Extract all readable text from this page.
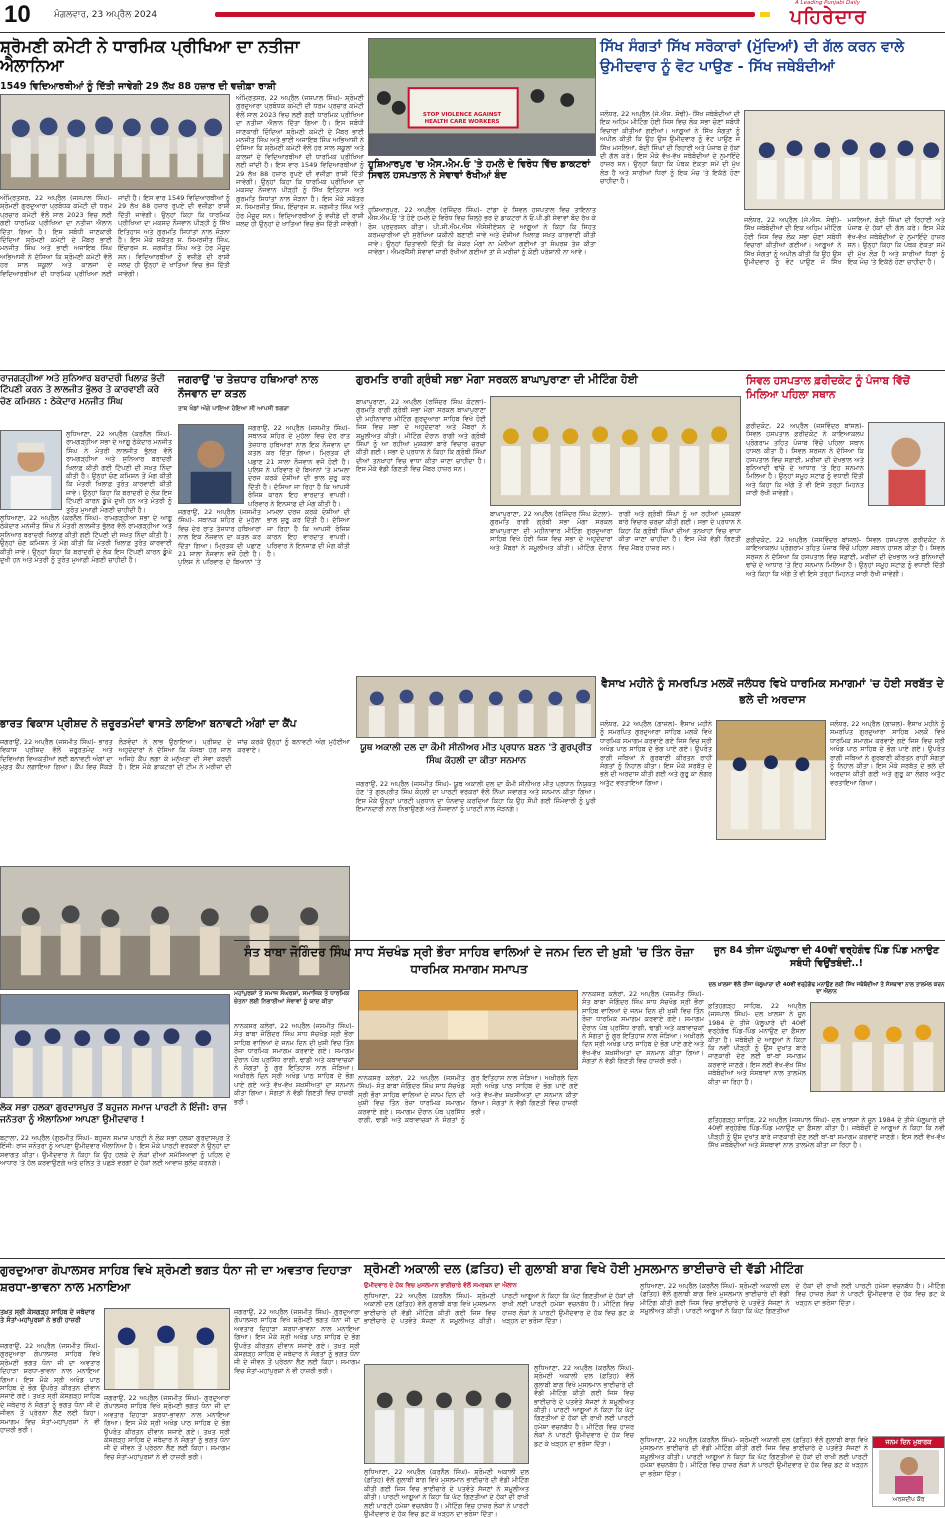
10	ਮੰਗਲਵਾਰ, 23 ਅਪ੍ਰੈਲ 2024
A Leading Punjabi Daily
ਪਹਿਰੇਦਾਰ
ਸ਼੍ਰੋਮਣੀ ਕਮੇਟੀ ਨੇ ਧਾਰਮਿਕ ਪ੍ਰੀਖਿਆ ਦਾ ਨਤੀਜਾ ਐਲਾਨਿਆ
1549 ਵਿਦਿਆਰਥੀਆਂ ਨੂੰ ਦਿੱਤੀ ਜਾਵੇਗੀ 29 ਲੱਖ 88 ਹਜ਼ਾਰ ਦੀ ਵਜ਼ੀਫ਼ਾ ਰਾਸ਼ੀ
ਅੰਮ੍ਰਿਤਸਰ, 22 ਅਪ੍ਰੈਲ (ਜਸਪਾਲ ਸਿੰਘ)- ਸ਼੍ਰੋਮਣੀ ਗੁਰਦੁਆਰਾ ਪ੍ਰਬੰਧਕ ਕਮੇਟੀ ਦੀ ਧਰਮ ਪ੍ਰਚਾਰ ਕਮੇਟੀ ਵੱਲੋਂ ਸਾਲ 2023 ਵਿਚ ਲਈ ਗਈ ਧਾਰਮਿਕ ਪ੍ਰੀਖਿਆ ਦਾ ਨਤੀਜਾ ਐਲਾਨ ਦਿੱਤਾ ਗਿਆ ਹੈ। ਇਸ ਸਬੰਧੀ ਜਾਣਕਾਰੀ ਦਿੰਦਿਆਂ ਸ਼੍ਰੋਮਣੀ ਕਮੇਟੀ ਦੇ ਮੈਂਬਰ ਭਾਈ ਮਨਜੀਤ ਸਿੰਘ ਅਤੇ ਭਾਈ ਅਜਾਇਬ ਸਿੰਘ ਅਭਿਆਸੀ ਨੇ ਦੱਸਿਆ ਕਿ ਸ਼੍ਰੋਮਣੀ ਕਮੇਟੀ ਵੱਲੋਂ ਹਰ ਸਾਲ ਸਕੂਲਾਂ ਅਤੇ ਕਾਲਜਾਂ ਦੇ ਵਿਦਿਆਰਥੀਆਂ ਦੀ ਧਾਰਮਿਕ ਪ੍ਰੀਖਿਆ ਲਈ ਜਾਂਦੀ ਹੈ। ਇਸ ਵਾਰ 1549 ਵਿਦਿਆਰਥੀਆਂ ਨੂੰ 29 ਲੱਖ 88 ਹਜ਼ਾਰ ਰੁਪਏ ਦੀ ਵਜ਼ੀਫ਼ਾ ਰਾਸ਼ੀ ਦਿੱਤੀ ਜਾਵੇਗੀ। ਉਨ੍ਹਾਂ ਕਿਹਾ ਕਿ ਧਾਰਮਿਕ ਪ੍ਰੀਖਿਆ ਦਾ ਮਕਸਦ ਨੌਜਵਾਨ ਪੀੜ੍ਹੀ ਨੂੰ ਸਿੱਖ ਇਤਿਹਾਸ ਅਤੇ ਗੁਰਮਤਿ ਸਿਧਾਂਤਾਂ ਨਾਲ ਜੋੜਨਾ ਹੈ। ਇਸ ਮੌਕੇ ਸਕੱਤਰ ਸ. ਸਿਮਰਜੀਤ ਸਿੰਘ, ਇੰਚਾਰਜ ਸ. ਜਗਜੀਤ ਸਿੰਘ ਅਤੇ ਹੋਰ ਮੌਜੂਦ ਸਨ। ਵਿਦਿਆਰਥੀਆਂ ਨੂੰ ਵਜ਼ੀਫ਼ੇ ਦੀ ਰਾਸ਼ੀ ਜਲਦ ਹੀ ਉਨ੍ਹਾਂ ਦੇ ਖਾਤਿਆਂ ਵਿਚ ਭੇਜ ਦਿੱਤੀ ਜਾਵੇਗੀ।
ਅੰਮ੍ਰਿਤਸਰ, 22 ਅਪ੍ਰੈਲ (ਜਸਪਾਲ ਸਿੰਘ)- ਸ਼੍ਰੋਮਣੀ ਗੁਰਦੁਆਰਾ ਪ੍ਰਬੰਧਕ ਕਮੇਟੀ ਦੀ ਧਰਮ ਪ੍ਰਚਾਰ ਕਮੇਟੀ ਵੱਲੋਂ ਸਾਲ 2023 ਵਿਚ ਲਈ ਗਈ ਧਾਰਮਿਕ ਪ੍ਰੀਖਿਆ ਦਾ ਨਤੀਜਾ ਐਲਾਨ ਦਿੱਤਾ ਗਿਆ ਹੈ। ਇਸ ਸਬੰਧੀ ਜਾਣਕਾਰੀ ਦਿੰਦਿਆਂ ਸ਼੍ਰੋਮਣੀ ਕਮੇਟੀ ਦੇ ਮੈਂਬਰ ਭਾਈ ਮਨਜੀਤ ਸਿੰਘ ਅਤੇ ਭਾਈ ਅਜਾਇਬ ਸਿੰਘ ਅਭਿਆਸੀ ਨੇ ਦੱਸਿਆ ਕਿ ਸ਼੍ਰੋਮਣੀ ਕਮੇਟੀ ਵੱਲੋਂ ਹਰ ਸਾਲ ਸਕੂਲਾਂ ਅਤੇ ਕਾਲਜਾਂ ਦੇ ਵਿਦਿਆਰਥੀਆਂ ਦੀ ਧਾਰਮਿਕ ਪ੍ਰੀਖਿਆ ਲਈ ਜਾਂਦੀ ਹੈ। ਇਸ ਵਾਰ 1549 ਵਿਦਿਆਰਥੀਆਂ ਨੂੰ 29 ਲੱਖ 88 ਹਜ਼ਾਰ ਰੁਪਏ ਦੀ ਵਜ਼ੀਫ਼ਾ ਰਾਸ਼ੀ ਦਿੱਤੀ ਜਾਵੇਗੀ। ਉਨ੍ਹਾਂ ਕਿਹਾ ਕਿ ਧਾਰਮਿਕ ਪ੍ਰੀਖਿਆ ਦਾ ਮਕਸਦ ਨੌਜਵਾਨ ਪੀੜ੍ਹੀ ਨੂੰ ਸਿੱਖ ਇਤਿਹਾਸ ਅਤੇ ਗੁਰਮਤਿ ਸਿਧਾਂਤਾਂ ਨਾਲ ਜੋੜਨਾ ਹੈ। ਇਸ ਮੌਕੇ ਸਕੱਤਰ ਸ. ਸਿਮਰਜੀਤ ਸਿੰਘ, ਇੰਚਾਰਜ ਸ. ਜਗਜੀਤ ਸਿੰਘ ਅਤੇ ਹੋਰ ਮੌਜੂਦ ਸਨ। ਵਿਦਿਆਰਥੀਆਂ ਨੂੰ ਵਜ਼ੀਫ਼ੇ ਦੀ ਰਾਸ਼ੀ ਜਲਦ ਹੀ ਉਨ੍ਹਾਂ ਦੇ ਖਾਤਿਆਂ ਵਿਚ ਭੇਜ ਦਿੱਤੀ ਜਾਵੇਗੀ।
STOP VIOLENCE AGAINST HEALTH CARE WORKERS
ਹੁਸ਼ਿਆਰਪੁਰ 'ਚ ਐਸ.ਐਮ.ਓ 'ਤੇ ਹਮਲੇ ਦੇ ਵਿਰੋਧ ਵਿੱਚ ਡਾਕਟਰਾਂ ਸਿਵਲ ਹਸਪਤਾਲ ਨੇ ਸੇਵਾਵਾਂ ਰੱਖੀਆਂ ਬੰਦ
ਹੁਸ਼ਿਆਰਪੁਰ, 22 ਅਪ੍ਰੈਲ (ਰਜਿੰਦਰ ਸਿੰਘ)- ਟਾਂਡਾ ਦੇ ਸਿਵਲ ਹਸਪਤਾਲ ਵਿਚ ਤਾਇਨਾਤ ਐਸ.ਐਮ.ਓ 'ਤੇ ਹੋਏ ਹਮਲੇ ਦੇ ਵਿਰੋਧ ਵਿਚ ਜ਼ਿਲ੍ਹੇ ਭਰ ਦੇ ਡਾਕਟਰਾਂ ਨੇ ਓ.ਪੀ.ਡੀ ਸੇਵਾਵਾਂ ਬੰਦ ਰੱਖ ਕੇ ਰੋਸ ਪ੍ਰਦਰਸ਼ਨ ਕੀਤਾ। ਪੀ.ਸੀ.ਐਮ.ਐਸ ਐਸੋਸੀਏਸ਼ਨ ਦੇ ਆਗੂਆਂ ਨੇ ਕਿਹਾ ਕਿ ਸਿਹਤ ਕਰਮਚਾਰੀਆਂ ਦੀ ਸੁਰੱਖਿਆ ਯਕੀਨੀ ਬਣਾਈ ਜਾਵੇ ਅਤੇ ਦੋਸ਼ੀਆਂ ਖਿਲਾਫ਼ ਸਖ਼ਤ ਕਾਰਵਾਈ ਕੀਤੀ ਜਾਵੇ। ਉਨ੍ਹਾਂ ਚਿਤਾਵਨੀ ਦਿੱਤੀ ਕਿ ਜੇਕਰ ਮੰਗਾਂ ਨਾ ਮੰਨੀਆਂ ਗਈਆਂ ਤਾਂ ਸੰਘਰਸ਼ ਤੇਜ਼ ਕੀਤਾ ਜਾਵੇਗਾ। ਐਮਰਜੈਂਸੀ ਸੇਵਾਵਾਂ ਜਾਰੀ ਰੱਖੀਆਂ ਗਈਆਂ ਤਾਂ ਜੋ ਮਰੀਜ਼ਾਂ ਨੂੰ ਕੋਈ ਪਰੇਸ਼ਾਨੀ ਨਾ ਆਵੇ।
ਸਿੱਖ ਸੰਗਤਾਂ ਸਿੱਖ ਸਰੋਕਾਰਾਂ (ਮੁੱਦਿਆਂ) ਦੀ ਗੱਲ ਕਰਨ ਵਾਲੇ ਉਮੀਦਵਾਰ ਨੂੰ ਵੋਟ ਪਾਉਣ - ਸਿੱਖ ਜਥੇਬੰਦੀਆਂ
ਜਲੰਧਰ, 22 ਅਪ੍ਰੈਲ (ਜੇ.ਐਸ. ਸੋਢੀ)- ਸਿੱਖ ਜਥੇਬੰਦੀਆਂ ਦੀ ਇਕ ਅਹਿਮ ਮੀਟਿੰਗ ਹੋਈ ਜਿਸ ਵਿਚ ਲੋਕ ਸਭਾ ਚੋਣਾਂ ਸਬੰਧੀ ਵਿਚਾਰਾਂ ਕੀਤੀਆਂ ਗਈਆਂ। ਆਗੂਆਂ ਨੇ ਸਿੱਖ ਸੰਗਤਾਂ ਨੂੰ ਅਪੀਲ ਕੀਤੀ ਕਿ ਉਹ ਉਸ ਉਮੀਦਵਾਰ ਨੂੰ ਵੋਟ ਪਾਉਣ ਜੋ ਸਿੱਖ ਮਸਲਿਆਂ, ਬੰਦੀ ਸਿੰਘਾਂ ਦੀ ਰਿਹਾਈ ਅਤੇ ਪੰਜਾਬ ਦੇ ਹੱਕਾਂ ਦੀ ਗੱਲ ਕਰੇ। ਇਸ ਮੌਕੇ ਵੱਖ-ਵੱਖ ਜਥੇਬੰਦੀਆਂ ਦੇ ਨੁਮਾਇੰਦੇ ਹਾਜ਼ਰ ਸਨ। ਉਨ੍ਹਾਂ ਕਿਹਾ ਕਿ ਪੰਥਕ ਏਕਤਾ ਸਮੇਂ ਦੀ ਮੁੱਖ ਲੋੜ ਹੈ ਅਤੇ ਸਾਰੀਆਂ ਧਿਰਾਂ ਨੂੰ ਇਕ ਮੰਚ 'ਤੇ ਇਕੱਠੇ ਹੋਣਾ ਚਾਹੀਦਾ ਹੈ।
ਜਲੰਧਰ, 22 ਅਪ੍ਰੈਲ (ਜੇ.ਐਸ. ਸੋਢੀ)- ਸਿੱਖ ਜਥੇਬੰਦੀਆਂ ਦੀ ਇਕ ਅਹਿਮ ਮੀਟਿੰਗ ਹੋਈ ਜਿਸ ਵਿਚ ਲੋਕ ਸਭਾ ਚੋਣਾਂ ਸਬੰਧੀ ਵਿਚਾਰਾਂ ਕੀਤੀਆਂ ਗਈਆਂ। ਆਗੂਆਂ ਨੇ ਸਿੱਖ ਸੰਗਤਾਂ ਨੂੰ ਅਪੀਲ ਕੀਤੀ ਕਿ ਉਹ ਉਸ ਉਮੀਦਵਾਰ ਨੂੰ ਵੋਟ ਪਾਉਣ ਜੋ ਸਿੱਖ ਮਸਲਿਆਂ, ਬੰਦੀ ਸਿੰਘਾਂ ਦੀ ਰਿਹਾਈ ਅਤੇ ਪੰਜਾਬ ਦੇ ਹੱਕਾਂ ਦੀ ਗੱਲ ਕਰੇ। ਇਸ ਮੌਕੇ ਵੱਖ-ਵੱਖ ਜਥੇਬੰਦੀਆਂ ਦੇ ਨੁਮਾਇੰਦੇ ਹਾਜ਼ਰ ਸਨ। ਉਨ੍ਹਾਂ ਕਿਹਾ ਕਿ ਪੰਥਕ ਏਕਤਾ ਸਮੇਂ ਦੀ ਮੁੱਖ ਲੋੜ ਹੈ ਅਤੇ ਸਾਰੀਆਂ ਧਿਰਾਂ ਨੂੰ ਇਕ ਮੰਚ 'ਤੇ ਇਕੱਠੇ ਹੋਣਾ ਚਾਹੀਦਾ ਹੈ।
ਰਾਜਗੜ੍ਹੀਆ ਅਤੇ ਸੁਨਿਆਰ ਬਰਾਦਰੀ ਖਿਲਾਫ਼ ਭੱਦੀ ਟਿੱਪਣੀ ਕਰਨ ਤੇ ਲਾਲਜੀਤ ਭੁੱਲਰ ਤੇ ਕਾਰਵਾਈ ਕਰੇ ਚੋਣ ਕਮਿਸ਼ਨ : ਠੇਕੇਦਾਰ ਮਨਜੀਤ ਸਿੰਘ
ਲੁਧਿਆਣਾ, 22 ਅਪ੍ਰੈਲ (ਕਰਨੈਲ ਸਿੰਘ)- ਰਾਮਗੜ੍ਹੀਆ ਸਭਾ ਦੇ ਆਗੂ ਠੇਕੇਦਾਰ ਮਨਜੀਤ ਸਿੰਘ ਨੇ ਮੰਤਰੀ ਲਾਲਜੀਤ ਭੁੱਲਰ ਵੱਲੋਂ ਰਾਮਗੜ੍ਹੀਆ ਅਤੇ ਸੁਨਿਆਰ ਬਰਾਦਰੀ ਖਿਲਾਫ਼ ਕੀਤੀ ਗਈ ਟਿੱਪਣੀ ਦੀ ਸਖ਼ਤ ਨਿੰਦਾ ਕੀਤੀ ਹੈ। ਉਨ੍ਹਾਂ ਚੋਣ ਕਮਿਸ਼ਨ ਤੋਂ ਮੰਗ ਕੀਤੀ ਕਿ ਮੰਤਰੀ ਖਿਲਾਫ਼ ਤੁਰੰਤ ਕਾਰਵਾਈ ਕੀਤੀ ਜਾਵੇ। ਉਨ੍ਹਾਂ ਕਿਹਾ ਕਿ ਬਰਾਦਰੀ ਦੇ ਲੋਕ ਇਸ ਟਿੱਪਣੀ ਕਾਰਨ ਡੂੰਘੇ ਦੁਖੀ ਹਨ ਅਤੇ ਮੰਤਰੀ ਨੂੰ ਤੁਰੰਤ ਮੁਆਫ਼ੀ ਮੰਗਣੀ ਚਾਹੀਦੀ ਹੈ।
ਲੁਧਿਆਣਾ, 22 ਅਪ੍ਰੈਲ (ਕਰਨੈਲ ਸਿੰਘ)- ਰਾਮਗੜ੍ਹੀਆ ਸਭਾ ਦੇ ਆਗੂ ਠੇਕੇਦਾਰ ਮਨਜੀਤ ਸਿੰਘ ਨੇ ਮੰਤਰੀ ਲਾਲਜੀਤ ਭੁੱਲਰ ਵੱਲੋਂ ਰਾਮਗੜ੍ਹੀਆ ਅਤੇ ਸੁਨਿਆਰ ਬਰਾਦਰੀ ਖਿਲਾਫ਼ ਕੀਤੀ ਗਈ ਟਿੱਪਣੀ ਦੀ ਸਖ਼ਤ ਨਿੰਦਾ ਕੀਤੀ ਹੈ। ਉਨ੍ਹਾਂ ਚੋਣ ਕਮਿਸ਼ਨ ਤੋਂ ਮੰਗ ਕੀਤੀ ਕਿ ਮੰਤਰੀ ਖਿਲਾਫ਼ ਤੁਰੰਤ ਕਾਰਵਾਈ ਕੀਤੀ ਜਾਵੇ। ਉਨ੍ਹਾਂ ਕਿਹਾ ਕਿ ਬਰਾਦਰੀ ਦੇ ਲੋਕ ਇਸ ਟਿੱਪਣੀ ਕਾਰਨ ਡੂੰਘੇ ਦੁਖੀ ਹਨ ਅਤੇ ਮੰਤਰੀ ਨੂੰ ਤੁਰੰਤ ਮੁਆਫ਼ੀ ਮੰਗਣੀ ਚਾਹੀਦੀ ਹੈ।
ਜਗਰਾਉਂ 'ਚ ਤੇਜ਼ਧਾਰ ਹਥਿਆਰਾਂ ਨਾਲ ਨੌਜਵਾਨ ਦਾ ਕਤਲ
ਤਾਬ ਖੰਡਾਂ ਅੱਗੇ ਪਾਇਆ ਹੋਇਆ ਸੀ ਆਪਸੀ ਝਗੜਾ
ਜਗਰਾਉਂ, 22 ਅਪ੍ਰੈਲ (ਜਸਮੀਤ ਸਿੰਘ)- ਸਥਾਨਕ ਸ਼ਹਿਰ ਦੇ ਮੁਹੱਲਾ ਵਿਚ ਦੇਰ ਰਾਤ ਤੇਜ਼ਧਾਰ ਹਥਿਆਰਾਂ ਨਾਲ ਇਕ ਨੌਜਵਾਨ ਦਾ ਕਤਲ ਕਰ ਦਿੱਤਾ ਗਿਆ। ਮ੍ਰਿਤਕ ਦੀ ਪਛਾਣ 21 ਸਾਲਾ ਨੌਜਵਾਨ ਵਜੋਂ ਹੋਈ ਹੈ। ਪੁਲਿਸ ਨੇ ਪਰਿਵਾਰ ਦੇ ਬਿਆਨਾਂ 'ਤੇ ਮਾਮਲਾ ਦਰਜ ਕਰਕੇ ਦੋਸ਼ੀਆਂ ਦੀ ਭਾਲ ਸ਼ੁਰੂ ਕਰ ਦਿੱਤੀ ਹੈ। ਦੱਸਿਆ ਜਾ ਰਿਹਾ ਹੈ ਕਿ ਆਪਸੀ ਰੰਜਿਸ਼ ਕਾਰਨ ਇਹ ਵਾਰਦਾਤ ਵਾਪਰੀ। ਪਰਿਵਾਰ ਨੇ ਇਨਸਾਫ਼ ਦੀ ਮੰਗ ਕੀਤੀ ਹੈ।
ਜਗਰਾਉਂ, 22 ਅਪ੍ਰੈਲ (ਜਸਮੀਤ ਸਿੰਘ)- ਸਥਾਨਕ ਸ਼ਹਿਰ ਦੇ ਮੁਹੱਲਾ ਵਿਚ ਦੇਰ ਰਾਤ ਤੇਜ਼ਧਾਰ ਹਥਿਆਰਾਂ ਨਾਲ ਇਕ ਨੌਜਵਾਨ ਦਾ ਕਤਲ ਕਰ ਦਿੱਤਾ ਗਿਆ। ਮ੍ਰਿਤਕ ਦੀ ਪਛਾਣ 21 ਸਾਲਾ ਨੌਜਵਾਨ ਵਜੋਂ ਹੋਈ ਹੈ। ਪੁਲਿਸ ਨੇ ਪਰਿਵਾਰ ਦੇ ਬਿਆਨਾਂ 'ਤੇ ਮਾਮਲਾ ਦਰਜ ਕਰਕੇ ਦੋਸ਼ੀਆਂ ਦੀ ਭਾਲ ਸ਼ੁਰੂ ਕਰ ਦਿੱਤੀ ਹੈ। ਦੱਸਿਆ ਜਾ ਰਿਹਾ ਹੈ ਕਿ ਆਪਸੀ ਰੰਜਿਸ਼ ਕਾਰਨ ਇਹ ਵਾਰਦਾਤ ਵਾਪਰੀ। ਪਰਿਵਾਰ ਨੇ ਇਨਸਾਫ਼ ਦੀ ਮੰਗ ਕੀਤੀ ਹੈ।
ਗੁਰਮਤਿ ਰਾਗੀ ਗ੍ਰੰਥੀ ਸਭਾ ਮੋਗਾ ਸਰਕਲ ਬਾਘਾਪੁਰਾਣਾ ਦੀ ਮੀਟਿੰਗ ਹੋਈ
ਬਾਘਾਪੁਰਾਣਾ, 22 ਅਪ੍ਰੈਲ (ਰਜਿੰਦਰ ਸਿੰਘ ਕੋਟਲਾ)- ਗੁਰਮਤਿ ਰਾਗੀ ਗ੍ਰੰਥੀ ਸਭਾ ਮੋਗਾ ਸਰਕਲ ਬਾਘਾਪੁਰਾਣਾ ਦੀ ਮਹੀਨਾਵਾਰ ਮੀਟਿੰਗ ਗੁਰਦੁਆਰਾ ਸਾਹਿਬ ਵਿਖੇ ਹੋਈ ਜਿਸ ਵਿਚ ਸਭਾ ਦੇ ਅਹੁਦੇਦਾਰਾਂ ਅਤੇ ਮੈਂਬਰਾਂ ਨੇ ਸ਼ਮੂਲੀਅਤ ਕੀਤੀ। ਮੀਟਿੰਗ ਦੌਰਾਨ ਰਾਗੀ ਅਤੇ ਗ੍ਰੰਥੀ ਸਿੰਘਾਂ ਨੂੰ ਆ ਰਹੀਆਂ ਮੁਸ਼ਕਲਾਂ ਬਾਰੇ ਵਿਚਾਰ ਚਰਚਾ ਕੀਤੀ ਗਈ। ਸਭਾ ਦੇ ਪ੍ਰਧਾਨ ਨੇ ਕਿਹਾ ਕਿ ਗ੍ਰੰਥੀ ਸਿੰਘਾਂ ਦੀਆਂ ਤਨਖ਼ਾਹਾਂ ਵਿਚ ਵਾਧਾ ਕੀਤਾ ਜਾਣਾ ਚਾਹੀਦਾ ਹੈ। ਇਸ ਮੌਕੇ ਵੱਡੀ ਗਿਣਤੀ ਵਿਚ ਮੈਂਬਰ ਹਾਜ਼ਰ ਸਨ।
ਬਾਘਾਪੁਰਾਣਾ, 22 ਅਪ੍ਰੈਲ (ਰਜਿੰਦਰ ਸਿੰਘ ਕੋਟਲਾ)- ਗੁਰਮਤਿ ਰਾਗੀ ਗ੍ਰੰਥੀ ਸਭਾ ਮੋਗਾ ਸਰਕਲ ਬਾਘਾਪੁਰਾਣਾ ਦੀ ਮਹੀਨਾਵਾਰ ਮੀਟਿੰਗ ਗੁਰਦੁਆਰਾ ਸਾਹਿਬ ਵਿਖੇ ਹੋਈ ਜਿਸ ਵਿਚ ਸਭਾ ਦੇ ਅਹੁਦੇਦਾਰਾਂ ਅਤੇ ਮੈਂਬਰਾਂ ਨੇ ਸ਼ਮੂਲੀਅਤ ਕੀਤੀ। ਮੀਟਿੰਗ ਦੌਰਾਨ ਰਾਗੀ ਅਤੇ ਗ੍ਰੰਥੀ ਸਿੰਘਾਂ ਨੂੰ ਆ ਰਹੀਆਂ ਮੁਸ਼ਕਲਾਂ ਬਾਰੇ ਵਿਚਾਰ ਚਰਚਾ ਕੀਤੀ ਗਈ। ਸਭਾ ਦੇ ਪ੍ਰਧਾਨ ਨੇ ਕਿਹਾ ਕਿ ਗ੍ਰੰਥੀ ਸਿੰਘਾਂ ਦੀਆਂ ਤਨਖ਼ਾਹਾਂ ਵਿਚ ਵਾਧਾ ਕੀਤਾ ਜਾਣਾ ਚਾਹੀਦਾ ਹੈ। ਇਸ ਮੌਕੇ ਵੱਡੀ ਗਿਣਤੀ ਵਿਚ ਮੈਂਬਰ ਹਾਜ਼ਰ ਸਨ।
ਸਿਵਲ ਹਸਪਤਾਲ ਫ਼ਰੀਦਕੋਟ ਨੂੰ ਪੰਜਾਬ ਵਿੱਚੋਂ ਮਿਲਿਆ ਪਹਿਲਾ ਸਥਾਨ
ਫ਼ਰੀਦਕੋਟ, 22 ਅਪ੍ਰੈਲ (ਜਸਵਿੰਦਰ ਬਾਂਸਲ)- ਸਿਵਲ ਹਸਪਤਾਲ ਫ਼ਰੀਦਕੋਟ ਨੇ ਕਾਇਆਕਲਪ ਪ੍ਰੋਗਰਾਮ ਤਹਿਤ ਪੰਜਾਬ ਵਿੱਚੋਂ ਪਹਿਲਾ ਸਥਾਨ ਹਾਸਲ ਕੀਤਾ ਹੈ। ਸਿਵਲ ਸਰਜਨ ਨੇ ਦੱਸਿਆ ਕਿ ਹਸਪਤਾਲ ਵਿਚ ਸਫ਼ਾਈ, ਮਰੀਜ਼ਾਂ ਦੀ ਦੇਖਭਾਲ ਅਤੇ ਬੁਨਿਆਦੀ ਢਾਂਚੇ ਦੇ ਆਧਾਰ 'ਤੇ ਇਹ ਸਨਮਾਨ ਮਿਲਿਆ ਹੈ। ਉਨ੍ਹਾਂ ਸਮੂਹ ਸਟਾਫ਼ ਨੂੰ ਵਧਾਈ ਦਿੱਤੀ ਅਤੇ ਕਿਹਾ ਕਿ ਅੱਗੇ ਤੋਂ ਵੀ ਇਸੇ ਤਰ੍ਹਾਂ ਮਿਹਨਤ ਜਾਰੀ ਰੱਖੀ ਜਾਵੇਗੀ।
ਫ਼ਰੀਦਕੋਟ, 22 ਅਪ੍ਰੈਲ (ਜਸਵਿੰਦਰ ਬਾਂਸਲ)- ਸਿਵਲ ਹਸਪਤਾਲ ਫ਼ਰੀਦਕੋਟ ਨੇ ਕਾਇਆਕਲਪ ਪ੍ਰੋਗਰਾਮ ਤਹਿਤ ਪੰਜਾਬ ਵਿੱਚੋਂ ਪਹਿਲਾ ਸਥਾਨ ਹਾਸਲ ਕੀਤਾ ਹੈ। ਸਿਵਲ ਸਰਜਨ ਨੇ ਦੱਸਿਆ ਕਿ ਹਸਪਤਾਲ ਵਿਚ ਸਫ਼ਾਈ, ਮਰੀਜ਼ਾਂ ਦੀ ਦੇਖਭਾਲ ਅਤੇ ਬੁਨਿਆਦੀ ਢਾਂਚੇ ਦੇ ਆਧਾਰ 'ਤੇ ਇਹ ਸਨਮਾਨ ਮਿਲਿਆ ਹੈ। ਉਨ੍ਹਾਂ ਸਮੂਹ ਸਟਾਫ਼ ਨੂੰ ਵਧਾਈ ਦਿੱਤੀ ਅਤੇ ਕਿਹਾ ਕਿ ਅੱਗੇ ਤੋਂ ਵੀ ਇਸੇ ਤਰ੍ਹਾਂ ਮਿਹਨਤ ਜਾਰੀ ਰੱਖੀ ਜਾਵੇਗੀ।
ਭਾਰਤ ਵਿਕਾਸ ਪ੍ਰੀਸ਼ਦ ਨੇ ਜ਼ਰੂਰਤਮੰਦਾਂ ਵਾਸਤੇ ਲਾਇਆ ਬਨਾਵਟੀ ਅੰਗਾਂ ਦਾ ਕੈਂਪ
ਜਗਰਾਉਂ, 22 ਅਪ੍ਰੈਲ (ਜਸਮੀਤ ਸਿੰਘ)- ਭਾਰਤ ਵਿਕਾਸ ਪ੍ਰੀਸ਼ਦ ਵੱਲੋਂ ਜ਼ਰੂਰਤਮੰਦ ਅਤੇ ਦਿਵਿਆਂਗ ਵਿਅਕਤੀਆਂ ਲਈ ਬਨਾਵਟੀ ਅੰਗਾਂ ਦਾ ਮੁਫ਼ਤ ਕੈਂਪ ਲਗਾਇਆ ਗਿਆ। ਕੈਂਪ ਵਿਚ ਸੈਂਕੜੇ ਲੋੜਵੰਦਾਂ ਨੇ ਲਾਭ ਉਠਾਇਆ। ਪ੍ਰੀਸ਼ਦ ਦੇ ਅਹੁਦੇਦਾਰਾਂ ਨੇ ਦੱਸਿਆ ਕਿ ਸੰਸਥਾ ਹਰ ਸਾਲ ਅਜਿਹੇ ਕੈਂਪ ਲਗਾ ਕੇ ਮਨੁੱਖਤਾ ਦੀ ਸੇਵਾ ਕਰਦੀ ਹੈ। ਇਸ ਮੌਕੇ ਡਾਕਟਰਾਂ ਦੀ ਟੀਮ ਨੇ ਮਰੀਜ਼ਾਂ ਦੀ ਜਾਂਚ ਕਰਕੇ ਉਨ੍ਹਾਂ ਨੂੰ ਬਨਾਵਟੀ ਅੰਗ ਮੁਹੱਈਆ ਕਰਵਾਏ।	ਯੂਥ ਅਕਾਲੀ ਦਲ ਦਾ ਕੌਮੀ ਸੀਨੀਅਰ ਮੀਤ ਪ੍ਰਧਾਨ ਬਣਨ 'ਤੇ ਗੁਰਪ੍ਰੀਤ ਸਿੰਘ ਕੋਹਲੀ ਦਾ ਕੀਤਾ ਸਨਮਾਨ
ਜਗਰਾਉਂ, 22 ਅਪ੍ਰੈਲ (ਜਸਮੀਤ ਸਿੰਘ)- ਯੂਥ ਅਕਾਲੀ ਦਲ ਦਾ ਕੌਮੀ ਸੀਨੀਅਰ ਮੀਤ ਪ੍ਰਧਾਨ ਨਿਯੁਕਤ ਹੋਣ 'ਤੇ ਗੁਰਪ੍ਰੀਤ ਸਿੰਘ ਕੋਹਲੀ ਦਾ ਪਾਰਟੀ ਵਰਕਰਾਂ ਵੱਲੋਂ ਨਿੱਘਾ ਸਵਾਗਤ ਅਤੇ ਸਨਮਾਨ ਕੀਤਾ ਗਿਆ। ਇਸ ਮੌਕੇ ਉਨ੍ਹਾਂ ਪਾਰਟੀ ਪ੍ਰਧਾਨ ਦਾ ਧੰਨਵਾਦ ਕਰਦਿਆਂ ਕਿਹਾ ਕਿ ਉਹ ਸੌਂਪੀ ਗਈ ਜ਼ਿੰਮੇਵਾਰੀ ਨੂੰ ਪੂਰੀ ਇਮਾਨਦਾਰੀ ਨਾਲ ਨਿਭਾਉਣਗੇ ਅਤੇ ਨੌਜਵਾਨਾਂ ਨੂੰ ਪਾਰਟੀ ਨਾਲ ਜੋੜਨਗੇ।
ਵੈਸਾਖ ਮਹੀਨੇ ਨੂੰ ਸਮਰਪਿਤ ਮਲਕੋਂ ਜਲੰਧਰ ਵਿਖੇ ਧਾਰਮਿਕ ਸਮਾਗਮਾਂ 'ਚ ਹੋਈ ਸਰਬੱਤ ਦੇ ਭਲੇ ਦੀ ਅਰਦਾਸ
ਜਲੰਧਰ, 22 ਅਪ੍ਰੈਲ (ਗਾਜ਼ਲ)- ਵੈਸਾਖ ਮਹੀਨੇ ਨੂੰ ਸਮਰਪਿਤ ਗੁਰਦੁਆਰਾ ਸਾਹਿਬ ਮਲਕੋਂ ਵਿਖੇ ਧਾਰਮਿਕ ਸਮਾਗਮ ਕਰਵਾਏ ਗਏ ਜਿਸ ਵਿਚ ਸ੍ਰੀ ਅਖੰਡ ਪਾਠ ਸਾਹਿਬ ਦੇ ਭੋਗ ਪਾਏ ਗਏ। ਉਪਰੰਤ ਰਾਗੀ ਜਥਿਆਂ ਨੇ ਗੁਰਬਾਣੀ ਕੀਰਤਨ ਰਾਹੀਂ ਸੰਗਤਾਂ ਨੂੰ ਨਿਹਾਲ ਕੀਤਾ। ਇਸ ਮੌਕੇ ਸਰਬੱਤ ਦੇ ਭਲੇ ਦੀ ਅਰਦਾਸ ਕੀਤੀ ਗਈ ਅਤੇ ਗੁਰੂ ਕਾ ਲੰਗਰ ਅਤੁੱਟ ਵਰਤਾਇਆ ਗਿਆ।
ਜਲੰਧਰ, 22 ਅਪ੍ਰੈਲ (ਗਾਜ਼ਲ)- ਵੈਸਾਖ ਮਹੀਨੇ ਨੂੰ ਸਮਰਪਿਤ ਗੁਰਦੁਆਰਾ ਸਾਹਿਬ ਮਲਕੋਂ ਵਿਖੇ ਧਾਰਮਿਕ ਸਮਾਗਮ ਕਰਵਾਏ ਗਏ ਜਿਸ ਵਿਚ ਸ੍ਰੀ ਅਖੰਡ ਪਾਠ ਸਾਹਿਬ ਦੇ ਭੋਗ ਪਾਏ ਗਏ। ਉਪਰੰਤ ਰਾਗੀ ਜਥਿਆਂ ਨੇ ਗੁਰਬਾਣੀ ਕੀਰਤਨ ਰਾਹੀਂ ਸੰਗਤਾਂ ਨੂੰ ਨਿਹਾਲ ਕੀਤਾ। ਇਸ ਮੌਕੇ ਸਰਬੱਤ ਦੇ ਭਲੇ ਦੀ ਅਰਦਾਸ ਕੀਤੀ ਗਈ ਅਤੇ ਗੁਰੂ ਕਾ ਲੰਗਰ ਅਤੁੱਟ ਵਰਤਾਇਆ ਗਿਆ।
ਸੰਤ ਬਾਬਾ ਜੋਗਿੰਦਰ ਸਿੰਘ ਸਾਧ ਸੱਚਖੰਡ ਸ੍ਰੀ ਭੌਰਾ ਸਾਹਿਬ ਵਾਲਿਆਂ ਦੇ ਜਨਮ ਦਿਨ ਦੀ ਖ਼ੁਸ਼ੀ 'ਚ ਤਿੰਨ ਰੋਜ਼ਾ ਧਾਰਮਿਕ ਸਮਾਗਮ ਸਮਾਪਤ
ਮਹਾਂਪੁਰਸ਼ਾਂ ਤੇ ਸਮਾਜ ਸੰਘਰਸ਼ਾਂ, ਸਮਾਜਿਕ ਤੇ ਧਾਰਮਿਕ ਚੇਤਨਾ ਲਈ ਨਿਭਾਈਆਂ ਸੇਵਾਵਾਂ ਨੂੰ ਯਾਦ ਕੀਤਾ
ਨਾਨਕਸਰ ਕਲੇਰਾਂ, 22 ਅਪ੍ਰੈਲ (ਜਸਮੀਤ ਸਿੰਘ)- ਸੰਤ ਬਾਬਾ ਜੋਗਿੰਦਰ ਸਿੰਘ ਸਾਧ ਸੱਚਖੰਡ ਸ੍ਰੀ ਭੌਰਾ ਸਾਹਿਬ ਵਾਲਿਆਂ ਦੇ ਜਨਮ ਦਿਨ ਦੀ ਖ਼ੁਸ਼ੀ ਵਿਚ ਤਿੰਨ ਰੋਜ਼ਾ ਧਾਰਮਿਕ ਸਮਾਗਮ ਕਰਵਾਏ ਗਏ। ਸਮਾਗਮ ਦੌਰਾਨ ਪੰਥ ਪ੍ਰਸਿੱਧ ਰਾਗੀ, ਢਾਡੀ ਅਤੇ ਕਥਾਵਾਚਕਾਂ ਨੇ ਸੰਗਤਾਂ ਨੂੰ ਗੁਰ ਇਤਿਹਾਸ ਨਾਲ ਜੋੜਿਆ। ਅਖ਼ੀਰਲੇ ਦਿਨ ਸ੍ਰੀ ਅਖੰਡ ਪਾਠ ਸਾਹਿਬ ਦੇ ਭੋਗ ਪਾਏ ਗਏ ਅਤੇ ਵੱਖ-ਵੱਖ ਸ਼ਖ਼ਸੀਅਤਾਂ ਦਾ ਸਨਮਾਨ ਕੀਤਾ ਗਿਆ। ਸੰਗਤਾਂ ਨੇ ਵੱਡੀ ਗਿਣਤੀ ਵਿਚ ਹਾਜ਼ਰੀ ਭਰੀ।
ਨਾਨਕਸਰ ਕਲੇਰਾਂ, 22 ਅਪ੍ਰੈਲ (ਜਸਮੀਤ ਸਿੰਘ)- ਸੰਤ ਬਾਬਾ ਜੋਗਿੰਦਰ ਸਿੰਘ ਸਾਧ ਸੱਚਖੰਡ ਸ੍ਰੀ ਭੌਰਾ ਸਾਹਿਬ ਵਾਲਿਆਂ ਦੇ ਜਨਮ ਦਿਨ ਦੀ ਖ਼ੁਸ਼ੀ ਵਿਚ ਤਿੰਨ ਰੋਜ਼ਾ ਧਾਰਮਿਕ ਸਮਾਗਮ ਕਰਵਾਏ ਗਏ। ਸਮਾਗਮ ਦੌਰਾਨ ਪੰਥ ਪ੍ਰਸਿੱਧ ਰਾਗੀ, ਢਾਡੀ ਅਤੇ ਕਥਾਵਾਚਕਾਂ ਨੇ ਸੰਗਤਾਂ ਨੂੰ ਗੁਰ ਇਤਿਹਾਸ ਨਾਲ ਜੋੜਿਆ। ਅਖ਼ੀਰਲੇ ਦਿਨ ਸ੍ਰੀ ਅਖੰਡ ਪਾਠ ਸਾਹਿਬ ਦੇ ਭੋਗ ਪਾਏ ਗਏ ਅਤੇ ਵੱਖ-ਵੱਖ ਸ਼ਖ਼ਸੀਅਤਾਂ ਦਾ ਸਨਮਾਨ ਕੀਤਾ ਗਿਆ। ਸੰਗਤਾਂ ਨੇ ਵੱਡੀ ਗਿਣਤੀ ਵਿਚ ਹਾਜ਼ਰੀ ਭਰੀ।
ਨਾਨਕਸਰ ਕਲੇਰਾਂ, 22 ਅਪ੍ਰੈਲ (ਜਸਮੀਤ ਸਿੰਘ)- ਸੰਤ ਬਾਬਾ ਜੋਗਿੰਦਰ ਸਿੰਘ ਸਾਧ ਸੱਚਖੰਡ ਸ੍ਰੀ ਭੌਰਾ ਸਾਹਿਬ ਵਾਲਿਆਂ ਦੇ ਜਨਮ ਦਿਨ ਦੀ ਖ਼ੁਸ਼ੀ ਵਿਚ ਤਿੰਨ ਰੋਜ਼ਾ ਧਾਰਮਿਕ ਸਮਾਗਮ ਕਰਵਾਏ ਗਏ। ਸਮਾਗਮ ਦੌਰਾਨ ਪੰਥ ਪ੍ਰਸਿੱਧ ਰਾਗੀ, ਢਾਡੀ ਅਤੇ ਕਥਾਵਾਚਕਾਂ ਨੇ ਸੰਗਤਾਂ ਨੂੰ ਗੁਰ ਇਤਿਹਾਸ ਨਾਲ ਜੋੜਿਆ। ਅਖ਼ੀਰਲੇ ਦਿਨ ਸ੍ਰੀ ਅਖੰਡ ਪਾਠ ਸਾਹਿਬ ਦੇ ਭੋਗ ਪਾਏ ਗਏ ਅਤੇ ਵੱਖ-ਵੱਖ ਸ਼ਖ਼ਸੀਅਤਾਂ ਦਾ ਸਨਮਾਨ ਕੀਤਾ ਗਿਆ। ਸੰਗਤਾਂ ਨੇ ਵੱਡੀ ਗਿਣਤੀ ਵਿਚ ਹਾਜ਼ਰੀ ਭਰੀ।
ਜੂਨ 84 ਤੀਜਾ ਘੱਲੂਘਾਰਾ ਦੀ 40ਵੀਂ ਵਰ੍ਹੇਗੰਢ ਪਿੰਡ ਪਿੰਡ ਮਨਾਉਣ ਸਬੰਧੀ ਵਿਉਂਤਬੰਦੀ..!
ਦਲ ਖ਼ਾਲਸਾ ਵੱਲੋਂ ਤੀਜਾ ਘੱਲੂਘਾਰਾ ਦੀ 40ਵੀਂ ਵਰ੍ਹੇਗੰਢ ਮਨਾਉਣ ਲਈ ਸਿੱਖ ਜਥੇਬੰਦੀਆਂ ਤੇ ਸੰਸਥਾਵਾਂ ਨਾਲ ਤਾਲਮੇਲ ਕਰਨ ਦਾ ਐਲਾਨ
ਫ਼ਤਿਹਗੜ੍ਹ ਸਾਹਿਬ, 22 ਅਪ੍ਰੈਲ (ਜਸਪਾਲ ਸਿੰਘ)- ਦਲ ਖ਼ਾਲਸਾ ਨੇ ਜੂਨ 1984 ਦੇ ਤੀਜੇ ਘੱਲੂਘਾਰੇ ਦੀ 40ਵੀਂ ਵਰ੍ਹੇਗੰਢ ਪਿੰਡ-ਪਿੰਡ ਮਨਾਉਣ ਦਾ ਫ਼ੈਸਲਾ ਕੀਤਾ ਹੈ। ਜਥੇਬੰਦੀ ਦੇ ਆਗੂਆਂ ਨੇ ਕਿਹਾ ਕਿ ਨਵੀਂ ਪੀੜ੍ਹੀ ਨੂੰ ਉਸ ਦੁਖਾਂਤ ਬਾਰੇ ਜਾਣਕਾਰੀ ਦੇਣ ਲਈ ਥਾਂ-ਥਾਂ ਸਮਾਗਮ ਕਰਵਾਏ ਜਾਣਗੇ। ਇਸ ਲਈ ਵੱਖ-ਵੱਖ ਸਿੱਖ ਜਥੇਬੰਦੀਆਂ ਅਤੇ ਸੰਸਥਾਵਾਂ ਨਾਲ ਤਾਲਮੇਲ ਕੀਤਾ ਜਾ ਰਿਹਾ ਹੈ।
ਫ਼ਤਿਹਗੜ੍ਹ ਸਾਹਿਬ, 22 ਅਪ੍ਰੈਲ (ਜਸਪਾਲ ਸਿੰਘ)- ਦਲ ਖ਼ਾਲਸਾ ਨੇ ਜੂਨ 1984 ਦੇ ਤੀਜੇ ਘੱਲੂਘਾਰੇ ਦੀ 40ਵੀਂ ਵਰ੍ਹੇਗੰਢ ਪਿੰਡ-ਪਿੰਡ ਮਨਾਉਣ ਦਾ ਫ਼ੈਸਲਾ ਕੀਤਾ ਹੈ। ਜਥੇਬੰਦੀ ਦੇ ਆਗੂਆਂ ਨੇ ਕਿਹਾ ਕਿ ਨਵੀਂ ਪੀੜ੍ਹੀ ਨੂੰ ਉਸ ਦੁਖਾਂਤ ਬਾਰੇ ਜਾਣਕਾਰੀ ਦੇਣ ਲਈ ਥਾਂ-ਥਾਂ ਸਮਾਗਮ ਕਰਵਾਏ ਜਾਣਗੇ। ਇਸ ਲਈ ਵੱਖ-ਵੱਖ ਸਿੱਖ ਜਥੇਬੰਦੀਆਂ ਅਤੇ ਸੰਸਥਾਵਾਂ ਨਾਲ ਤਾਲਮੇਲ ਕੀਤਾ ਜਾ ਰਿਹਾ ਹੈ।
ਲੋਕ ਸਭਾ ਹਲਕਾ ਗੁਰਦਾਸਪੁਰ ਤੋਂ ਬਹੁਜਨ ਸਮਾਜ ਪਾਰਟੀ ਨੇ ਇੰਜੀ: ਰਾਜ ਜਨੋਤਰਾ ਨੂੰ ਐਲਾਨਿਆ ਆਪਣਾ ਉਮੀਦਵਾਰ !
ਬਟਾਲਾ, 22 ਅਪ੍ਰੈਲ (ਗੁਰਮੀਤ ਸਿੰਘ)- ਬਹੁਜਨ ਸਮਾਜ ਪਾਰਟੀ ਨੇ ਲੋਕ ਸਭਾ ਹਲਕਾ ਗੁਰਦਾਸਪੁਰ ਤੋਂ ਇੰਜੀ: ਰਾਜ ਜਨੋਤਰਾ ਨੂੰ ਆਪਣਾ ਉਮੀਦਵਾਰ ਐਲਾਨਿਆ ਹੈ। ਇਸ ਮੌਕੇ ਪਾਰਟੀ ਵਰਕਰਾਂ ਨੇ ਉਨ੍ਹਾਂ ਦਾ ਸਵਾਗਤ ਕੀਤਾ। ਉਮੀਦਵਾਰ ਨੇ ਕਿਹਾ ਕਿ ਉਹ ਹਲਕੇ ਦੇ ਲੋਕਾਂ ਦੀਆਂ ਸਮੱਸਿਆਵਾਂ ਨੂੰ ਪਹਿਲ ਦੇ ਆਧਾਰ 'ਤੇ ਹੱਲ ਕਰਵਾਉਣਗੇ ਅਤੇ ਦਲਿਤ ਤੇ ਪਛੜੇ ਵਰਗਾਂ ਦੇ ਹੱਕਾਂ ਲਈ ਆਵਾਜ਼ ਬੁਲੰਦ ਕਰਨਗੇ।
ਗੁਰਦੁਆਰਾ ਗੋਪਾਲਸਰ ਸਾਹਿਬ ਵਿਖੇ ਸ਼੍ਰੋਮਣੀ ਭਗਤ ਧੰਨਾ ਜੀ ਦਾ ਅਵਤਾਰ ਦਿਹਾੜਾ ਸ਼ਰਧਾ-ਭਾਵਨਾ ਨਾਲ ਮਨਾਇਆ
ਤਖ਼ਤ ਸ੍ਰੀ ਕੇਸਗੜ੍ਹ ਸਾਹਿਬ ਦੇ ਜਥੇਦਾਰ ਤੇ ਸੰਤਾਂ-ਮਹਾਂਪੁਰਸ਼ਾਂ ਨੇ ਭਰੀ ਹਾਜ਼ਰੀ
ਜਗਰਾਉਂ, 22 ਅਪ੍ਰੈਲ (ਜਸਮੀਤ ਸਿੰਘ)- ਗੁਰਦੁਆਰਾ ਗੋਪਾਲਸਰ ਸਾਹਿਬ ਵਿਖੇ ਸ਼੍ਰੋਮਣੀ ਭਗਤ ਧੰਨਾ ਜੀ ਦਾ ਅਵਤਾਰ ਦਿਹਾੜਾ ਸ਼ਰਧਾ-ਭਾਵਨਾ ਨਾਲ ਮਨਾਇਆ ਗਿਆ। ਇਸ ਮੌਕੇ ਸ੍ਰੀ ਅਖੰਡ ਪਾਠ ਸਾਹਿਬ ਦੇ ਭੋਗ ਉਪਰੰਤ ਕੀਰਤਨ ਦੀਵਾਨ ਸਜਾਏ ਗਏ। ਤਖ਼ਤ ਸ੍ਰੀ ਕੇਸਗੜ੍ਹ ਸਾਹਿਬ ਦੇ ਜਥੇਦਾਰ ਨੇ ਸੰਗਤਾਂ ਨੂੰ ਭਗਤ ਧੰਨਾ ਜੀ ਦੇ ਜੀਵਨ ਤੋਂ ਪ੍ਰੇਰਨਾ ਲੈਣ ਲਈ ਕਿਹਾ। ਸਮਾਗਮ ਵਿਚ ਸੰਤਾਂ-ਮਹਾਂਪੁਰਸ਼ਾਂ ਨੇ ਵੀ ਹਾਜ਼ਰੀ ਭਰੀ।
ਜਗਰਾਉਂ, 22 ਅਪ੍ਰੈਲ (ਜਸਮੀਤ ਸਿੰਘ)- ਗੁਰਦੁਆਰਾ ਗੋਪਾਲਸਰ ਸਾਹਿਬ ਵਿਖੇ ਸ਼੍ਰੋਮਣੀ ਭਗਤ ਧੰਨਾ ਜੀ ਦਾ ਅਵਤਾਰ ਦਿਹਾੜਾ ਸ਼ਰਧਾ-ਭਾਵਨਾ ਨਾਲ ਮਨਾਇਆ ਗਿਆ। ਇਸ ਮੌਕੇ ਸ੍ਰੀ ਅਖੰਡ ਪਾਠ ਸਾਹਿਬ ਦੇ ਭੋਗ ਉਪਰੰਤ ਕੀਰਤਨ ਦੀਵਾਨ ਸਜਾਏ ਗਏ। ਤਖ਼ਤ ਸ੍ਰੀ ਕੇਸਗੜ੍ਹ ਸਾਹਿਬ ਦੇ ਜਥੇਦਾਰ ਨੇ ਸੰਗਤਾਂ ਨੂੰ ਭਗਤ ਧੰਨਾ ਜੀ ਦੇ ਜੀਵਨ ਤੋਂ ਪ੍ਰੇਰਨਾ ਲੈਣ ਲਈ ਕਿਹਾ। ਸਮਾਗਮ ਵਿਚ ਸੰਤਾਂ-ਮਹਾਂਪੁਰਸ਼ਾਂ ਨੇ ਵੀ ਹਾਜ਼ਰੀ ਭਰੀ।
ਜਗਰਾਉਂ, 22 ਅਪ੍ਰੈਲ (ਜਸਮੀਤ ਸਿੰਘ)- ਗੁਰਦੁਆਰਾ ਗੋਪਾਲਸਰ ਸਾਹਿਬ ਵਿਖੇ ਸ਼੍ਰੋਮਣੀ ਭਗਤ ਧੰਨਾ ਜੀ ਦਾ ਅਵਤਾਰ ਦਿਹਾੜਾ ਸ਼ਰਧਾ-ਭਾਵਨਾ ਨਾਲ ਮਨਾਇਆ ਗਿਆ। ਇਸ ਮੌਕੇ ਸ੍ਰੀ ਅਖੰਡ ਪਾਠ ਸਾਹਿਬ ਦੇ ਭੋਗ ਉਪਰੰਤ ਕੀਰਤਨ ਦੀਵਾਨ ਸਜਾਏ ਗਏ। ਤਖ਼ਤ ਸ੍ਰੀ ਕੇਸਗੜ੍ਹ ਸਾਹਿਬ ਦੇ ਜਥੇਦਾਰ ਨੇ ਸੰਗਤਾਂ ਨੂੰ ਭਗਤ ਧੰਨਾ ਜੀ ਦੇ ਜੀਵਨ ਤੋਂ ਪ੍ਰੇਰਨਾ ਲੈਣ ਲਈ ਕਿਹਾ। ਸਮਾਗਮ ਵਿਚ ਸੰਤਾਂ-ਮਹਾਂਪੁਰਸ਼ਾਂ ਨੇ ਵੀ ਹਾਜ਼ਰੀ ਭਰੀ।
ਸ਼੍ਰੋਮਣੀ ਅਕਾਲੀ ਦਲ (ਫ਼ਤਿਹ) ਦੀ ਗੁਲਾਬੀ ਬਾਗ ਵਿਖੇ ਹੋਈ ਮੁਸਲਮਾਨ ਭਾਈਚਾਰੇ ਦੀ ਵੱਡੀ ਮੀਟਿੰਗ
ਉਮੀਦਵਾਰ ਦੇ ਹੱਕ ਵਿਚ ਮੁਸਲਮਾਨ ਭਾਈਚਾਰੇ ਵੱਲੋਂ ਸਮਰਥਨ ਦਾ ਐਲਾਨ
ਲੁਧਿਆਣਾ, 22 ਅਪ੍ਰੈਲ (ਕਰਨੈਲ ਸਿੰਘ)- ਸ਼੍ਰੋਮਣੀ ਅਕਾਲੀ ਦਲ (ਫ਼ਤਿਹ) ਵੱਲੋਂ ਗੁਲਾਬੀ ਬਾਗ ਵਿਖੇ ਮੁਸਲਮਾਨ ਭਾਈਚਾਰੇ ਦੀ ਵੱਡੀ ਮੀਟਿੰਗ ਕੀਤੀ ਗਈ ਜਿਸ ਵਿਚ ਭਾਈਚਾਰੇ ਦੇ ਪਤਵੰਤੇ ਸੱਜਣਾਂ ਨੇ ਸ਼ਮੂਲੀਅਤ ਕੀਤੀ। ਪਾਰਟੀ ਆਗੂਆਂ ਨੇ ਕਿਹਾ ਕਿ ਘੱਟ ਗਿਣਤੀਆਂ ਦੇ ਹੱਕਾਂ ਦੀ ਰਾਖੀ ਲਈ ਪਾਰਟੀ ਹਮੇਸ਼ਾ ਵਚਨਬੱਧ ਹੈ। ਮੀਟਿੰਗ ਵਿਚ ਹਾਜ਼ਰ ਲੋਕਾਂ ਨੇ ਪਾਰਟੀ ਉਮੀਦਵਾਰ ਦੇ ਹੱਕ ਵਿਚ ਡਟ ਕੇ ਖੜ੍ਹਨ ਦਾ ਭਰੋਸਾ ਦਿੱਤਾ।
ਲੁਧਿਆਣਾ, 22 ਅਪ੍ਰੈਲ (ਕਰਨੈਲ ਸਿੰਘ)- ਸ਼੍ਰੋਮਣੀ ਅਕਾਲੀ ਦਲ (ਫ਼ਤਿਹ) ਵੱਲੋਂ ਗੁਲਾਬੀ ਬਾਗ ਵਿਖੇ ਮੁਸਲਮਾਨ ਭਾਈਚਾਰੇ ਦੀ ਵੱਡੀ ਮੀਟਿੰਗ ਕੀਤੀ ਗਈ ਜਿਸ ਵਿਚ ਭਾਈਚਾਰੇ ਦੇ ਪਤਵੰਤੇ ਸੱਜਣਾਂ ਨੇ ਸ਼ਮੂਲੀਅਤ ਕੀਤੀ। ਪਾਰਟੀ ਆਗੂਆਂ ਨੇ ਕਿਹਾ ਕਿ ਘੱਟ ਗਿਣਤੀਆਂ ਦੇ ਹੱਕਾਂ ਦੀ ਰਾਖੀ ਲਈ ਪਾਰਟੀ ਹਮੇਸ਼ਾ ਵਚਨਬੱਧ ਹੈ। ਮੀਟਿੰਗ ਵਿਚ ਹਾਜ਼ਰ ਲੋਕਾਂ ਨੇ ਪਾਰਟੀ ਉਮੀਦਵਾਰ ਦੇ ਹੱਕ ਵਿਚ ਡਟ ਕੇ ਖੜ੍ਹਨ ਦਾ ਭਰੋਸਾ ਦਿੱਤਾ।
ਲੁਧਿਆਣਾ, 22 ਅਪ੍ਰੈਲ (ਕਰਨੈਲ ਸਿੰਘ)- ਸ਼੍ਰੋਮਣੀ ਅਕਾਲੀ ਦਲ (ਫ਼ਤਿਹ) ਵੱਲੋਂ ਗੁਲਾਬੀ ਬਾਗ ਵਿਖੇ ਮੁਸਲਮਾਨ ਭਾਈਚਾਰੇ ਦੀ ਵੱਡੀ ਮੀਟਿੰਗ ਕੀਤੀ ਗਈ ਜਿਸ ਵਿਚ ਭਾਈਚਾਰੇ ਦੇ ਪਤਵੰਤੇ ਸੱਜਣਾਂ ਨੇ ਸ਼ਮੂਲੀਅਤ ਕੀਤੀ। ਪਾਰਟੀ ਆਗੂਆਂ ਨੇ ਕਿਹਾ ਕਿ ਘੱਟ ਗਿਣਤੀਆਂ ਦੇ ਹੱਕਾਂ ਦੀ ਰਾਖੀ ਲਈ ਪਾਰਟੀ ਹਮੇਸ਼ਾ ਵਚਨਬੱਧ ਹੈ। ਮੀਟਿੰਗ ਵਿਚ ਹਾਜ਼ਰ ਲੋਕਾਂ ਨੇ ਪਾਰਟੀ ਉਮੀਦਵਾਰ ਦੇ ਹੱਕ ਵਿਚ ਡਟ ਕੇ ਖੜ੍ਹਨ ਦਾ ਭਰੋਸਾ ਦਿੱਤਾ।
ਲੁਧਿਆਣਾ, 22 ਅਪ੍ਰੈਲ (ਕਰਨੈਲ ਸਿੰਘ)- ਸ਼੍ਰੋਮਣੀ ਅਕਾਲੀ ਦਲ (ਫ਼ਤਿਹ) ਵੱਲੋਂ ਗੁਲਾਬੀ ਬਾਗ ਵਿਖੇ ਮੁਸਲਮਾਨ ਭਾਈਚਾਰੇ ਦੀ ਵੱਡੀ ਮੀਟਿੰਗ ਕੀਤੀ ਗਈ ਜਿਸ ਵਿਚ ਭਾਈਚਾਰੇ ਦੇ ਪਤਵੰਤੇ ਸੱਜਣਾਂ ਨੇ ਸ਼ਮੂਲੀਅਤ ਕੀਤੀ। ਪਾਰਟੀ ਆਗੂਆਂ ਨੇ ਕਿਹਾ ਕਿ ਘੱਟ ਗਿਣਤੀਆਂ ਦੇ ਹੱਕਾਂ ਦੀ ਰਾਖੀ ਲਈ ਪਾਰਟੀ ਹਮੇਸ਼ਾ ਵਚਨਬੱਧ ਹੈ। ਮੀਟਿੰਗ ਵਿਚ ਹਾਜ਼ਰ ਲੋਕਾਂ ਨੇ ਪਾਰਟੀ ਉਮੀਦਵਾਰ ਦੇ ਹੱਕ ਵਿਚ ਡਟ ਕੇ ਖੜ੍ਹਨ ਦਾ ਭਰੋਸਾ ਦਿੱਤਾ।
ਲੁਧਿਆਣਾ, 22 ਅਪ੍ਰੈਲ (ਕਰਨੈਲ ਸਿੰਘ)- ਸ਼੍ਰੋਮਣੀ ਅਕਾਲੀ ਦਲ (ਫ਼ਤਿਹ) ਵੱਲੋਂ ਗੁਲਾਬੀ ਬਾਗ ਵਿਖੇ ਮੁਸਲਮਾਨ ਭਾਈਚਾਰੇ ਦੀ ਵੱਡੀ ਮੀਟਿੰਗ ਕੀਤੀ ਗਈ ਜਿਸ ਵਿਚ ਭਾਈਚਾਰੇ ਦੇ ਪਤਵੰਤੇ ਸੱਜਣਾਂ ਨੇ ਸ਼ਮੂਲੀਅਤ ਕੀਤੀ। ਪਾਰਟੀ ਆਗੂਆਂ ਨੇ ਕਿਹਾ ਕਿ ਘੱਟ ਗਿਣਤੀਆਂ ਦੇ ਹੱਕਾਂ ਦੀ ਰਾਖੀ ਲਈ ਪਾਰਟੀ ਹਮੇਸ਼ਾ ਵਚਨਬੱਧ ਹੈ। ਮੀਟਿੰਗ ਵਿਚ ਹਾਜ਼ਰ ਲੋਕਾਂ ਨੇ ਪਾਰਟੀ ਉਮੀਦਵਾਰ ਦੇ ਹੱਕ ਵਿਚ ਡਟ ਕੇ ਖੜ੍ਹਨ ਦਾ ਭਰੋਸਾ ਦਿੱਤਾ।
ਜਨਮ ਦਿਨ ਮੁਬਾਰਕ
ਅਰਸ਼ਦੀਪ ਕੌਰ
